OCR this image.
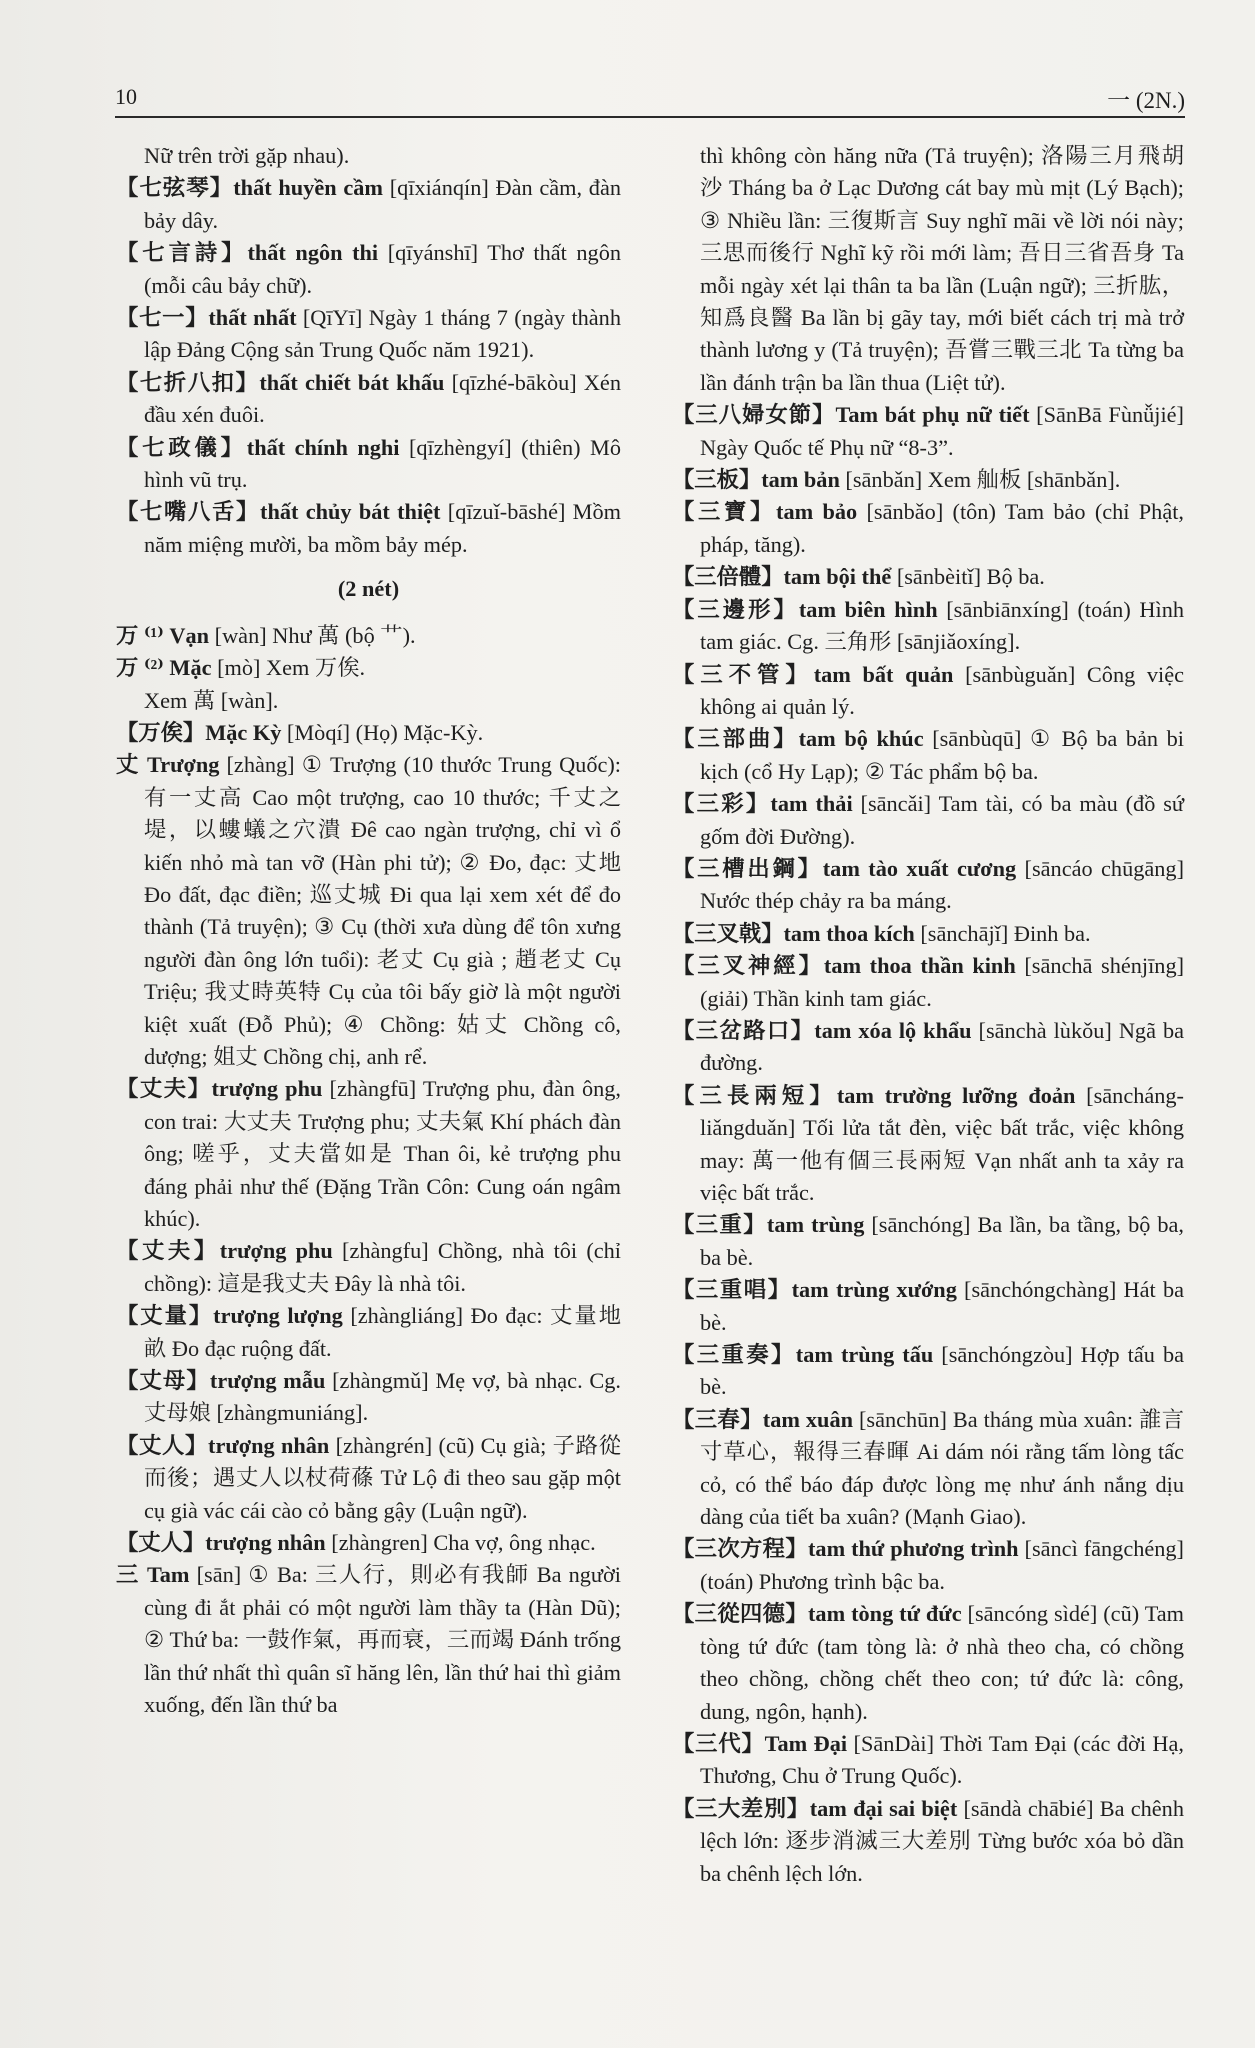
10	一 (2N.)

Nữ trên trời gặp nhau).

【七弦琴】thất huyền cầm [qīxiánqín] Đàn cầm, đàn bảy dây.

【七言詩】thất ngôn thi [qīyánshī] Thơ thất ngôn (mỗi câu bảy chữ).

【七一】thất nhất [QīYī] Ngày 1 tháng 7 (ngày thành lập Đảng Cộng sản Trung Quốc năm 1921).

【七折八扣】thất chiết bát khấu [qīzhé-bākòu] Xén đầu xén đuôi.

【七政儀】thất chính nghi [qīzhèngyí] (thiên) Mô hình vũ trụ.

【七嘴八舌】thất chủy bát thiệt [qīzuǐ-bāshé] Mồm năm miệng mười, ba mồm bảy mép.

(2 nét)

万 ⁽¹⁾ Vạn [wàn] Như 萬 (bộ 艹).

万 ⁽²⁾ Mặc [mò] Xem 万俟.

Xem 萬 [wàn].

【万俟】Mặc Kỳ [Mòqí] (Họ) Mặc-Kỳ.

丈 Trượng [zhàng] ① Trượng (10 thước Trung Quốc): 有一丈高 Cao một trượng, cao 10 thước; 千丈之堤，以螻蟻之穴潰 Đê cao ngàn trượng, chỉ vì ổ kiến nhỏ mà tan vỡ (Hàn phi tử); ② Đo, đạc: 丈地 Đo đất, đạc điền; 巡丈城 Đi qua lại xem xét để đo thành (Tả truyện); ③ Cụ (thời xưa dùng để tôn xưng người đàn ông lớn tuổi): 老丈 Cụ già ; 趙老丈 Cụ Triệu; 我丈時英特 Cụ của tôi bấy giờ là một người kiệt xuất (Đỗ Phủ); ④ Chồng: 姑丈 Chồng cô, dượng; 姐丈 Chồng chị, anh rể.

【丈夫】trượng phu [zhàngfū] Trượng phu, đàn ông, con trai: 大丈夫 Trượng phu; 丈夫氣 Khí phách đàn ông; 嗟乎，丈夫當如是 Than ôi, kẻ trượng phu đáng phải như thế (Đặng Trần Côn: Cung oán ngâm khúc).

【丈夫】trượng phu [zhàngfu] Chồng, nhà tôi (chỉ chồng): 這是我丈夫 Đây là nhà tôi.

【丈量】trượng lượng [zhàngliáng] Đo đạc: 丈量地畝 Đo đạc ruộng đất.

【丈母】trượng mẫu [zhàngmǔ] Mẹ vợ, bà nhạc. Cg. 丈母娘 [zhàngmuniáng].

【丈人】trượng nhân [zhàngrén] (cũ) Cụ già; 子路從而後；遇丈人以杖荷蓧 Tử Lộ đi theo sau gặp một cụ già vác cái cào cỏ bằng gậy (Luận ngữ).

【丈人】trượng nhân [zhàngren] Cha vợ, ông nhạc.

三 Tam [sān] ① Ba: 三人行，則必有我師 Ba người cùng đi ắt phải có một người làm thầy ta (Hàn Dũ); ② Thứ ba: 一鼓作氣，再而衰，三而竭 Đánh trống lần thứ nhất thì quân sĩ hăng lên, lần thứ hai thì giảm xuống, đến lần thứ ba

thì không còn hăng nữa (Tả truyện); 洛陽三月飛胡沙 Tháng ba ở Lạc Dương cát bay mù mịt (Lý Bạch); ③ Nhiều lần: 三復斯言 Suy nghĩ mãi về lời nói này; 三思而後行 Nghĩ kỹ rồi mới làm; 吾日三省吾身 Ta mỗi ngày xét lại thân ta ba lần (Luận ngữ); 三折肱，知爲良醫 Ba lần bị gãy tay, mới biết cách trị mà trở thành lương y (Tả truyện); 吾嘗三戰三北 Ta từng ba lần đánh trận ba lần thua (Liệt tử).

【三八婦女節】Tam bát phụ nữ tiết [SānBā Fùnǚjié] Ngày Quốc tế Phụ nữ “8-3”.

【三板】tam bản [sānbǎn] Xem 舢板 [shānbǎn].

【三寶】tam bảo [sānbǎo] (tôn) Tam bảo (chỉ Phật, pháp, tăng).

【三倍體】tam bội thể [sānbèitǐ] Bộ ba.

【三邊形】tam biên hình [sānbiānxíng] (toán) Hình tam giác. Cg. 三角形 [sānjiǎoxíng].

【三不管】tam bất quản [sānbùguǎn] Công việc không ai quản lý.

【三部曲】tam bộ khúc [sānbùqū] ① Bộ ba bản bi kịch (cổ Hy Lạp); ② Tác phẩm bộ ba.

【三彩】tam thải [sāncǎi] Tam tài, có ba màu (đồ sứ gốm đời Đường).

【三槽出鋼】tam tào xuất cương [sāncáo chūgāng] Nước thép chảy ra ba máng.

【三叉戟】tam thoa kích [sānchājǐ] Đinh ba.

【三叉神經】tam thoa thần kinh [sānchā shénjīng] (giải) Thần kinh tam giác.

【三岔路口】tam xóa lộ khẩu [sānchà lùkǒu] Ngã ba đường.

【三長兩短】tam trường lưỡng đoản [sāncháng-liǎngduǎn] Tối lửa tắt đèn, việc bất trắc, việc không may: 萬一他有個三長兩短 Vạn nhất anh ta xảy ra việc bất trắc.

【三重】tam trùng [sānchóng] Ba lần, ba tầng, bộ ba, ba bè.

【三重唱】tam trùng xướng [sānchóngchàng] Hát ba bè.

【三重奏】tam trùng tấu [sānchóngzòu] Hợp tấu ba bè.

【三春】tam xuân [sānchūn] Ba tháng mùa xuân: 誰言寸草心，報得三春暉 Ai dám nói rằng tấm lòng tấc cỏ, có thể báo đáp được lòng mẹ như ánh nắng dịu dàng của tiết ba xuân? (Mạnh Giao).

【三次方程】tam thứ phương trình [sāncì fāngchéng](toán) Phương trình bậc ba.

【三從四德】tam tòng tứ đức [sāncóng sìdé] (cũ) Tam tòng tứ đức (tam tòng là: ở nhà theo cha, có chồng theo chồng, chồng chết theo con; tứ đức là: công, dung, ngôn, hạnh).

【三代】Tam Đại [SānDài] Thời Tam Đại (các đời Hạ, Thương, Chu ở Trung Quốc).

【三大差別】tam đại sai biệt [sāndà chābié] Ba chênh lệch lớn: 逐步消滅三大差別 Từng bước xóa bỏ dần ba chênh lệch lớn.
